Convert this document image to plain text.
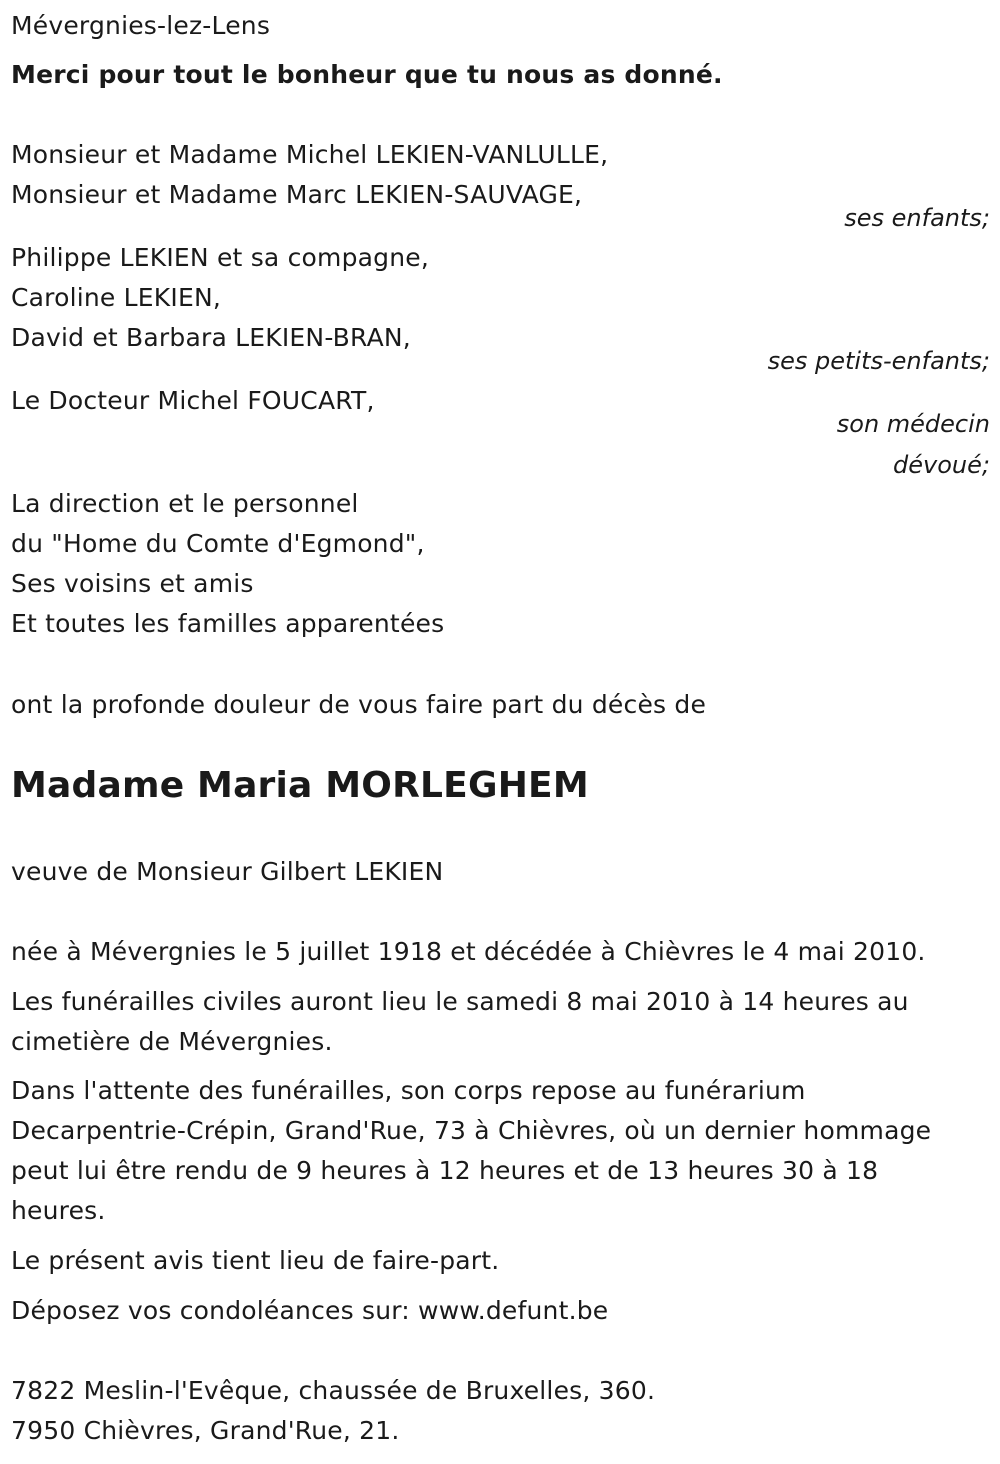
Mévergnies-lez-Lens

Merci pour tout le bonheur que tu nous as donné.

Monsieur et Madame Michel LEKIEN-VANLULLE,

Monsieur et Madame Marc LEKIEN-SAUVAGE,

ses enfants;

Philippe LEKIEN et sa compagne,

Caroline LEKIEN,

David et Barbara LEKIEN-BRAN,

ses petits-enfants;

Le Docteur Michel FOUCART,

son médecin

dévoué;

La direction et le personnel

du "Home du Comte d'Egmond",

Ses voisins et amis

Et toutes les familles apparentées

ont la profonde douleur de vous faire part du décès de

Madame Maria MORLEGHEM

veuve de Monsieur Gilbert LEKIEN

née à Mévergnies le 5 juillet 1918 et décédée à Chièvres le 4 mai 2010.

Les funérailles civiles auront lieu le samedi 8 mai 2010 à 14 heures au

cimetière de Mévergnies.

Dans l'attente des funérailles, son corps repose au funérarium

Decarpentrie-Crépin, Grand'Rue, 73 à Chièvres, où un dernier hommage

peut lui être rendu de 9 heures à 12 heures et de 13 heures 30 à 18

heures.

Le présent avis tient lieu de faire-part.

Déposez vos condoléances sur: www.defunt.be

7822 Meslin-l'Evêque, chaussée de Bruxelles, 360.

7950 Chièvres, Grand'Rue, 21.
